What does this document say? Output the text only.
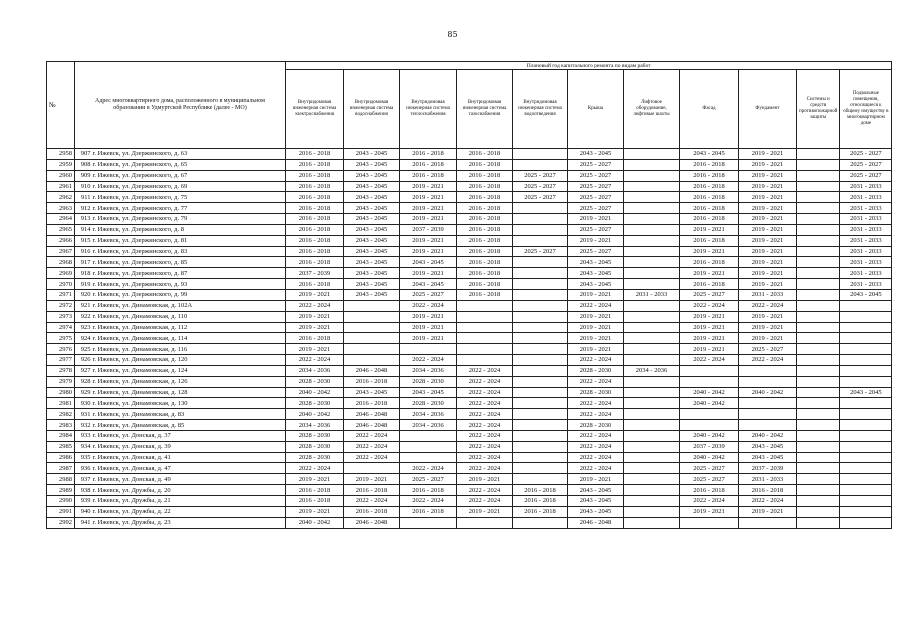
85
№	Адрес многоквартирного дома, расположенного в муниципальном образовании в Удмуртской Республике (далее - МО)		Плановый год капитального ремонта по видам работ										
			Внутридомовая инженерная система электроснабжения	Внутридомовая инженерная система водоснабжения	Внутридомовая инженерная система теплоснабжения	Внутридомовая инженерная система газоснабжения	Внутридомовая инженерная система водоотведения	Крыша	Лифтовое оборудование, лифтовые шахты	Фасад	Фундамент	Системы и средств противопожарной защиты	Подвальные помещения, относящиеся к общему имуществу в многоквартирном доме
2958	907	г. Ижевск, ул. Дзержинского, д. 63	2016 - 2018	2043 - 2045	2016 - 2018	2016 - 2018		2043 - 2045		2043 - 2045	2019 - 2021		2025 - 2027
2959	908	г. Ижевск, ул. Дзержинского, д. 65	2016 - 2018	2043 - 2045	2016 - 2018	2016 - 2018		2025 - 2027		2016 - 2018	2019 - 2021		2025 - 2027
2960	909	г. Ижевск, ул. Дзержинского, д. 67	2016 - 2018	2043 - 2045	2016 - 2018	2016 - 2018	2025 - 2027	2025 - 2027		2016 - 2018	2019 - 2021		2025 - 2027
2961	910	г. Ижевск, ул. Дзержинского, д. 69	2016 - 2018	2043 - 2045	2019 - 2021	2016 - 2018	2025 - 2027	2025 - 2027		2016 - 2018	2019 - 2021		2031 - 2033
2962	911	г. Ижевск, ул. Дзержинского, д. 75	2016 - 2018	2043 - 2045	2019 - 2021	2016 - 2018	2025 - 2027	2025 - 2027		2016 - 2018	2019 - 2021		2031 - 2033
2963	912	г. Ижевск, ул. Дзержинского, д. 77	2016 - 2018	2043 - 2045	2019 - 2021	2016 - 2018		2025 - 2027		2016 - 2018	2019 - 2021		2031 - 2033
2964	913	г. Ижевск, ул. Дзержинского, д. 79	2016 - 2018	2043 - 2045	2019 - 2021	2016 - 2018		2019 - 2021		2016 - 2018	2019 - 2021		2031 - 2033
2965	914	г. Ижевск, ул. Дзержинского, д. 8	2016 - 2018	2043 - 2045	2037 - 2039	2016 - 2018		2025 - 2027		2019 - 2021	2019 - 2021		2031 - 2033
2966	915	г. Ижевск, ул. Дзержинского, д. 81	2016 - 2018	2043 - 2045	2019 - 2021	2016 - 2018		2019 - 2021		2016 - 2018	2019 - 2021		2031 - 2033
2967	916	г. Ижевск, ул. Дзержинского, д. 83	2016 - 2018	2043 - 2045	2019 - 2021	2016 - 2018	2025 - 2027	2025 - 2027		2019 - 2021	2019 - 2021		2031 - 2033
2968	917	г. Ижевск, ул. Дзержинского, д. 85	2016 - 2018	2043 - 2045	2043 - 2045	2016 - 2018		2043 - 2045		2016 - 2018	2019 - 2021		2031 - 2033
2969	918	г. Ижевск, ул. Дзержинского, д. 87	2037 - 2039	2043 - 2045	2019 - 2021	2016 - 2018		2043 - 2045		2019 - 2021	2019 - 2021		2031 - 2033
2970	919	г. Ижевск, ул. Дзержинского, д. 93	2016 - 2018	2043 - 2045	2043 - 2045	2016 - 2018		2043 - 2045		2016 - 2018	2019 - 2021		2031 - 2033
2971	920	г. Ижевск, ул. Дзержинского, д. 99	2019 - 2021	2043 - 2045	2025 - 2027	2016 - 2018		2019 - 2021	2031 - 2033	2025 - 2027	2031 - 2033		2043 - 2045
2972	921	г. Ижевск, ул. Динамовская, д. 102А	2022 - 2024		2022 - 2024			2022 - 2024		2022 - 2024	2022 - 2024		
2973	922	г. Ижевск, ул. Динамовская, д. 110	2019 - 2021		2019 - 2021			2019 - 2021		2019 - 2021	2019 - 2021		
2974	923	г. Ижевск, ул. Динамовская, д. 112	2019 - 2021		2019 - 2021			2019 - 2021		2019 - 2021	2019 - 2021		
2975	924	г. Ижевск, ул. Динамовская, д. 114	2016 - 2018		2019 - 2021			2019 - 2021		2019 - 2021	2019 - 2021		
2976	925	г. Ижевск, ул. Динамовская, д. 116	2019 - 2021					2019 - 2021		2019 - 2021	2025 - 2027		
2977	926	г. Ижевск, ул. Динамовская, д. 120	2022 - 2024		2022 - 2024			2022 - 2024		2022 - 2024	2022 - 2024		
2978	927	г. Ижевск, ул. Динамовская, д. 124	2034 - 2036	2046 - 2048	2034 - 2036	2022 - 2024		2028 - 2030	2034 - 2036				
2979	928	г. Ижевск, ул. Динамовская, д. 126	2028 - 2030	2016 - 2018	2028 - 2030	2022 - 2024		2022 - 2024					
2980	929	г. Ижевск, ул. Динамовская, д. 128	2040 - 2042	2043 - 2045	2043 - 2045	2022 - 2024		2028 - 2030		2040 - 2042	2040 - 2042		2043 - 2045
2981	930	г. Ижевск, ул. Динамовская, д. 130	2028 - 2030	2016 - 2018	2028 - 2030	2022 - 2024		2022 - 2024		2040 - 2042			
2982	931	г. Ижевск, ул. Динамовская, д. 83	2040 - 2042	2046 - 2048	2034 - 2036	2022 - 2024		2022 - 2024					
2983	932	г. Ижевск, ул. Динамовская, д. 85	2034 - 2036	2046 - 2048	2034 - 2036	2022 - 2024		2028 - 2030					
2984	933	г. Ижевск, ул. Донская, д. 37	2028 - 2030	2022 - 2024		2022 - 2024		2022 - 2024		2040 - 2042	2040 - 2042		
2985	934	г. Ижевск, ул. Донская, д. 39	2028 - 2030	2022 - 2024		2022 - 2024		2022 - 2024		2037 - 2039	2043 - 2045		
2986	935	г. Ижевск, ул. Донская, д. 41	2028 - 2030	2022 - 2024		2022 - 2024		2022 - 2024		2040 - 2042	2043 - 2045		
2987	936	г. Ижевск, ул. Донская, д. 47	2022 - 2024		2022 - 2024	2022 - 2024		2022 - 2024		2025 - 2027	2037 - 2039		
2988	937	г. Ижевск, ул. Донская, д. 49	2019 - 2021	2019 - 2021	2025 - 2027	2019 - 2021		2019 - 2021		2025 - 2027	2031 - 2033		
2989	938	г. Ижевск, ул. Дружбы, д. 20	2016 - 2018	2016 - 2018	2016 - 2018	2022 - 2024	2016 - 2018	2043 - 2045		2016 - 2018	2016 - 2018		
2990	939	г. Ижевск, ул. Дружбы, д. 21	2016 - 2018	2022 - 2024	2022 - 2024	2022 - 2024	2016 - 2018	2043 - 2045		2022 - 2024	2022 - 2024		
2991	940	г. Ижевск, ул. Дружбы, д. 22	2019 - 2021	2016 - 2018	2016 - 2018	2019 - 2021	2016 - 2018	2043 - 2045		2019 - 2021	2019 - 2021		
2992	941	г. Ижевск, ул. Дружбы, д. 23	2040 - 2042	2046 - 2048				2046 - 2048					
